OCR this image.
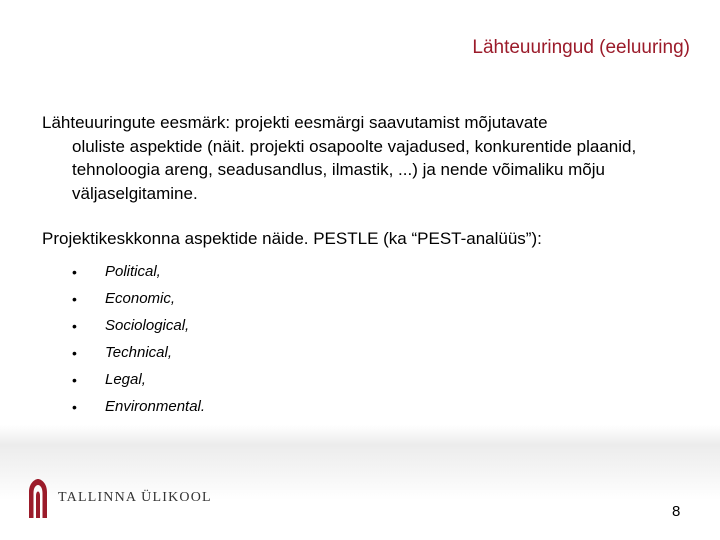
Lähteuuringud (eeluuring)
Lähteuuringute eesmärk: projekti eesmärgi saavutamist mõjutavate
oluliste aspektide (näit. projekti osapoolte vajadused, konkurentide plaanid, tehnoloogia areng, seadusandlus, ilmastik, ...) ja nende võimaliku mõju väljaselgitamine.
Projektikeskkonna aspektide näide. PESTLE (ka “PEST-analüüs”):
•	Political,
•	Economic,
•	Sociological,
•	Technical,
•	Legal,
•	Environmental.
TALLINNA ÜLIKOOL
8
